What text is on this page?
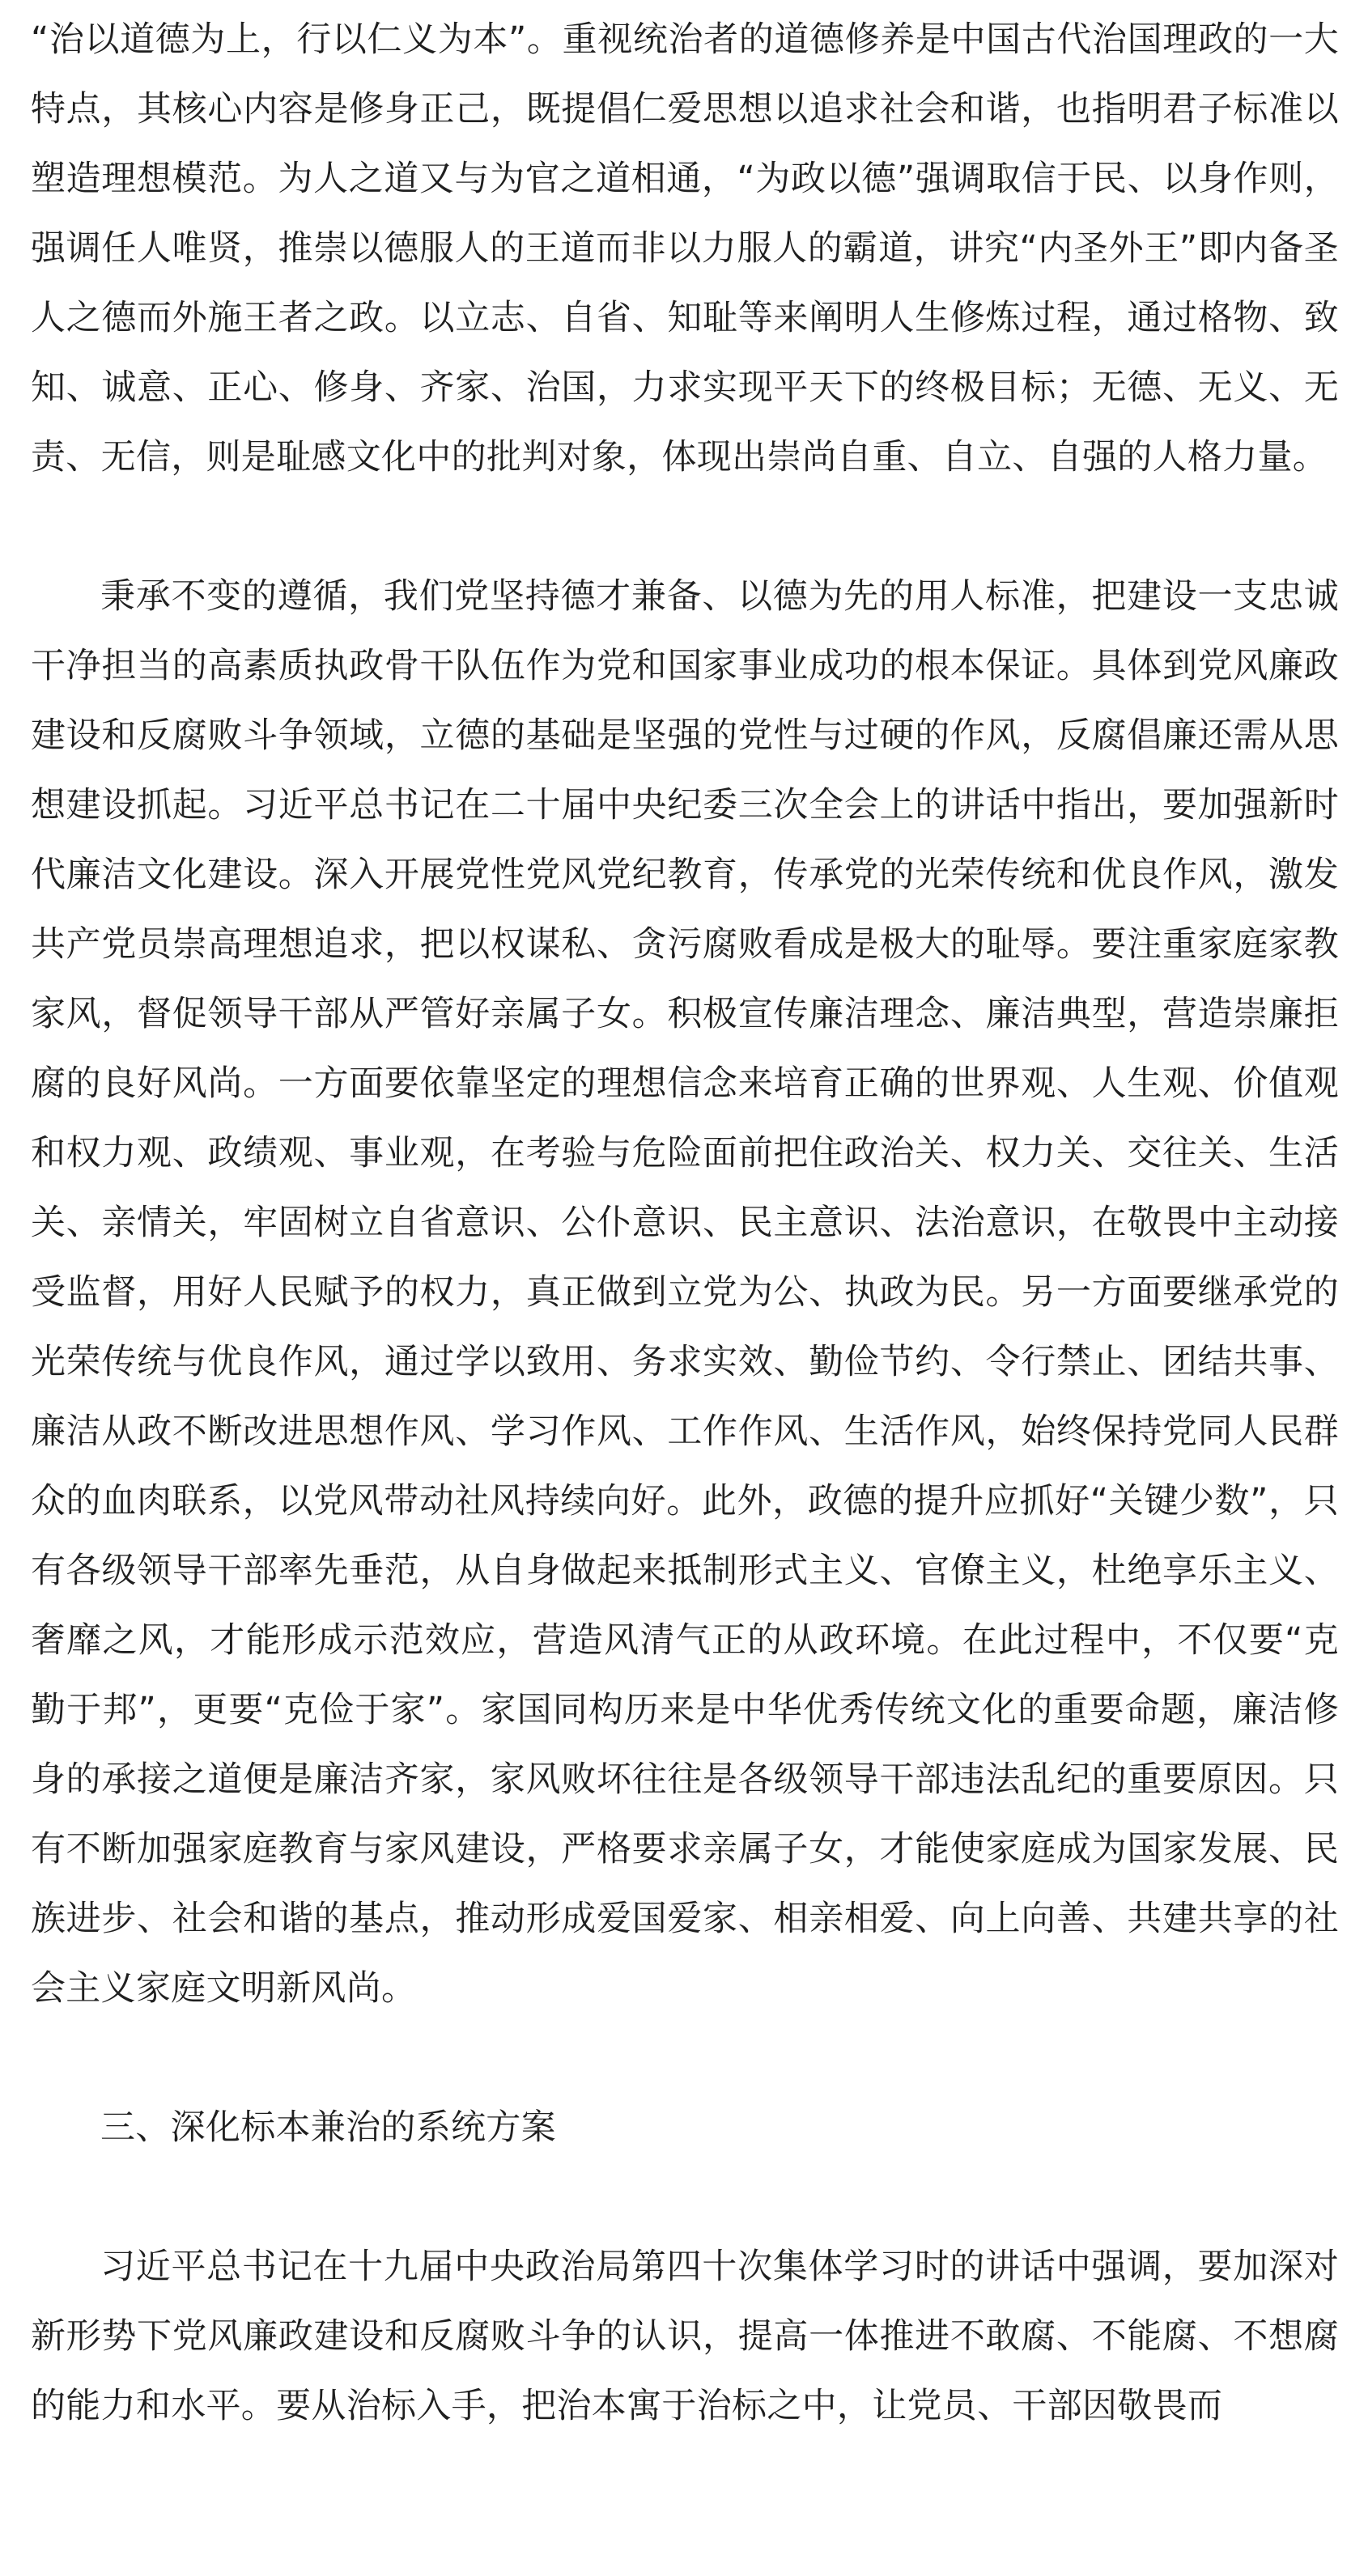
“治以道德为上，行以仁义为本”。重视统治者的道德修养是中国古代治国理政的一大特点，其核心内容是修身正己，既提倡仁爱思想以追求社会和谐，也指明君子标准以塑造理想模范。为人之道又与为官之道相通，“为政以德”强调取信于民、以身作则，强调任人唯贤，推崇以德服人的王道而非以力服人的霸道，讲究“内圣外王”即内备圣人之德而外施王者之政。以立志、自省、知耻等来阐明人生修炼过程，通过格物、致知、诚意、正心、修身、齐家、治国，力求实现平天下的终极目标；无德、无义、无责、无信，则是耻感文化中的批判对象，体现出崇尚自重、自立、自强的人格力量。

秉承不变的遵循，我们党坚持德才兼备、以德为先的用人标准，把建设一支忠诚干净担当的高素质执政骨干队伍作为党和国家事业成功的根本保证。具体到党风廉政建设和反腐败斗争领域，立德的基础是坚强的党性与过硬的作风，反腐倡廉还需从思想建设抓起。习近平总书记在二十届中央纪委三次全会上的讲话中指出，要加强新时代廉洁文化建设。深入开展党性党风党纪教育，传承党的光荣传统和优良作风，激发共产党员崇高理想追求，把以权谋私、贪污腐败看成是极大的耻辱。要注重家庭家教家风，督促领导干部从严管好亲属子女。积极宣传廉洁理念、廉洁典型，营造崇廉拒腐的良好风尚。一方面要依靠坚定的理想信念来培育正确的世界观、人生观、价值观和权力观、政绩观、事业观，在考验与危险面前把住政治关、权力关、交往关、生活关、亲情关，牢固树立自省意识、公仆意识、民主意识、法治意识，在敬畏中主动接受监督，用好人民赋予的权力，真正做到立党为公、执政为民。另一方面要继承党的光荣传统与优良作风，通过学以致用、务求实效、勤俭节约、令行禁止、团结共事、廉洁从政不断改进思想作风、学习作风、工作作风、生活作风，始终保持党同人民群众的血肉联系，以党风带动社风持续向好。此外，政德的提升应抓好“关键少数”，只有各级领导干部率先垂范，从自身做起来抵制形式主义、官僚主义，杜绝享乐主义、奢靡之风，才能形成示范效应，营造风清气正的从政环境。在此过程中，不仅要“克勤于邦”，更要“克俭于家”。家国同构历来是中华优秀传统文化的重要命题，廉洁修身的承接之道便是廉洁齐家，家风败坏往往是各级领导干部违法乱纪的重要原因。只有不断加强家庭教育与家风建设，严格要求亲属子女，才能使家庭成为国家发展、民族进步、社会和谐的基点，推动形成爱国爱家、相亲相爱、向上向善、共建共享的社会主义家庭文明新风尚。

三、深化标本兼治的系统方案

习近平总书记在十九届中央政治局第四十次集体学习时的讲话中强调，要加深对新形势下党风廉政建设和反腐败斗争的认识，提高一体推进不敢腐、不能腐、不想腐的能力和水平。要从治标入手，把治本寓于治标之中，让党员、干部因敬畏而
